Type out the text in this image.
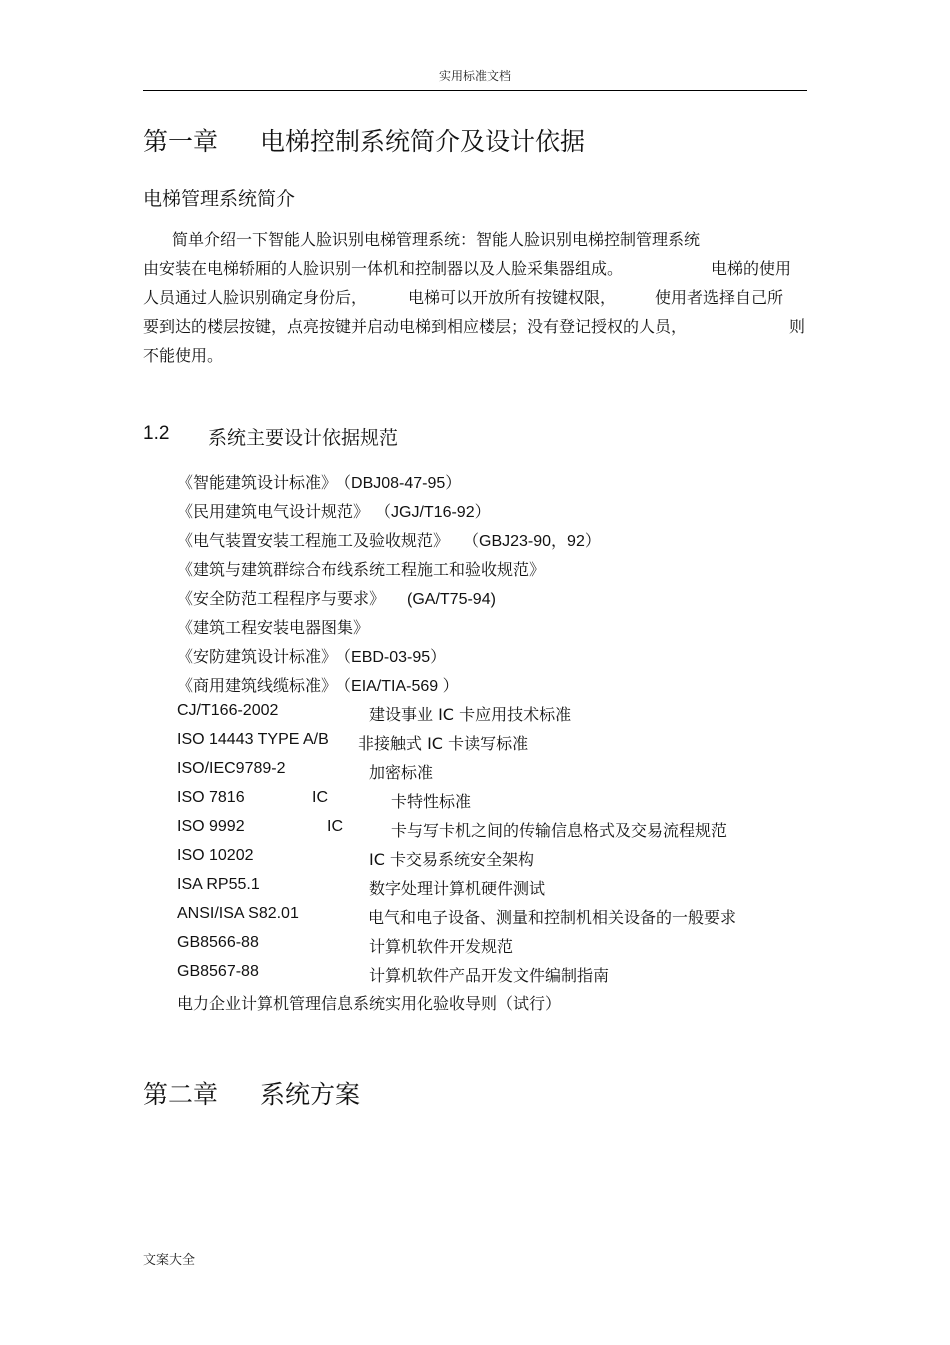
实用标准文档
第一章 电梯控制系统简介及设计依据
电梯管理系统简介
简单介绍一下智能人脸识别电梯管理系统：智能人脸识别电梯控制管理系统
由安装在电梯轿厢的人脸识别一体机和控制器以及人脸采集器组成。	电梯的使用
人员通过人脸识别确定身份后，	电梯可以开放所有按键权限， 使用者选择自己所
要到达的楼层按键，点亮按键并启动电梯到相应楼层；没有登记授权的人员，	则
不能使用。
1.2 系统主要设计依据规范
《智能建筑设计标准》 （DBJ08-47-95）
《民用建筑电气设计规范》 （JGJ/T16-92）
《电气装置安装工程施工及验收规范》 （GBJ23-90，92）
《建筑与建筑群综合布线系统工程施工和验收规范》
《安全防范工程程序与要求》 (GA/T75-94)
《建筑工程安装电器图集》
《安防建筑设计标准》 （EBD-03-95）
《商用建筑线缆标准》 （EIA/TIA-569 ）
CJ/T166-2002	建设事业 IC 卡应用技术标准
ISO 14443 TYPE A/B 非接触式 IC 卡读写标准
ISO/IEC9789-2	加密标准
ISO 7816	IC	卡特性标准
ISO 9992	IC	卡与写卡机之间的传输信息格式及交易流程规范
ISO 10202	IC 卡交易系统安全架构
ISA RP55.1	数字处理计算机硬件测试
ANSI/ISA S82.01	电气和电子设备、测量和控制机相关设备的一般要求
GB8566-88	计算机软件开发规范
GB8567-88	计算机软件产品开发文件编制指南
电力企业计算机管理信息系统实用化验收导则（试行）
第二章 系统方案
文案大全
